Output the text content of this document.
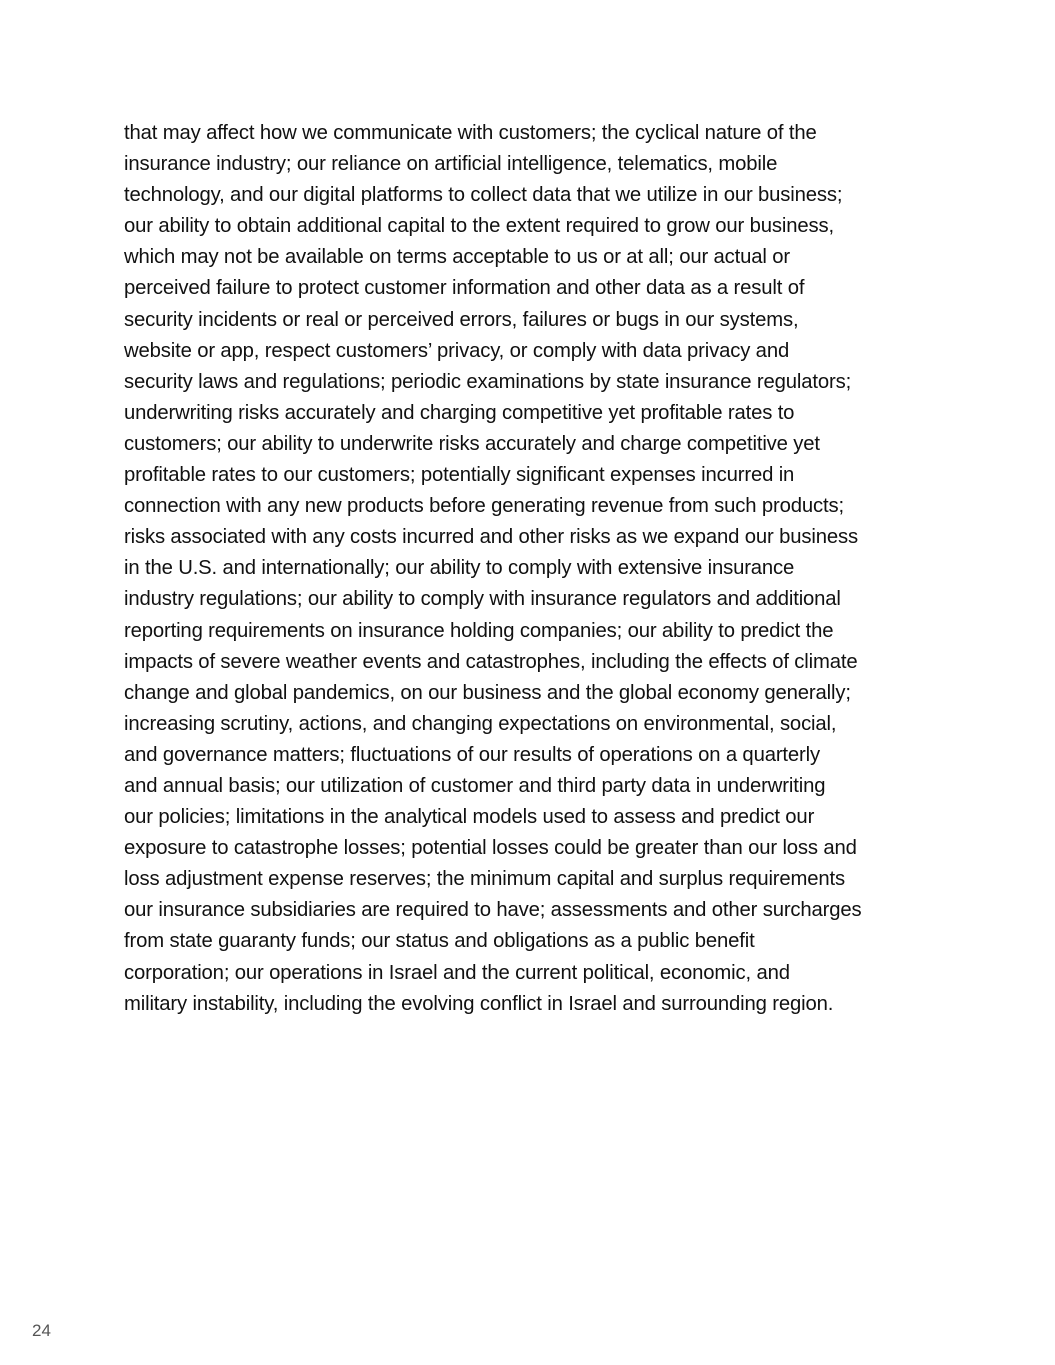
that may affect how we communicate with customers; the cyclical nature of the
insurance industry; our reliance on artificial intelligence, telematics, mobile
technology, and our digital platforms to collect data that we utilize in our business;
our ability to obtain additional capital to the extent required to grow our business,
which may not be available on terms acceptable to us or at all; our actual or
perceived failure to protect customer information and other data as a result of
security incidents or real or perceived errors, failures or bugs in our systems,
website or app, respect customers’ privacy, or comply with data privacy and
security laws and regulations; periodic examinations by state insurance regulators;
underwriting risks accurately and charging competitive yet profitable rates to
customers; our ability to underwrite risks accurately and charge competitive yet
profitable rates to our customers; potentially significant expenses incurred in
connection with any new products before generating revenue from such products;
risks associated with any costs incurred and other risks as we expand our business
in the U.S. and internationally; our ability to comply with extensive insurance
industry regulations; our ability to comply with insurance regulators and additional
reporting requirements on insurance holding companies; our ability to predict the
impacts of severe weather events and catastrophes, including the effects of climate
change and global pandemics, on our business and the global economy generally;
increasing scrutiny, actions, and changing expectations on environmental, social,
and governance matters; fluctuations of our results of operations on a quarterly
and annual basis; our utilization of customer and third party data in underwriting
our policies; limitations in the analytical models used to assess and predict our
exposure to catastrophe losses; potential losses could be greater than our loss and
loss adjustment expense reserves; the minimum capital and surplus requirements
our insurance subsidiaries are required to have; assessments and other surcharges
from state guaranty funds; our status and obligations as a public benefit
corporation; our operations in Israel and the current political, economic, and
military instability, including the evolving conflict in Israel and surrounding region.

24
